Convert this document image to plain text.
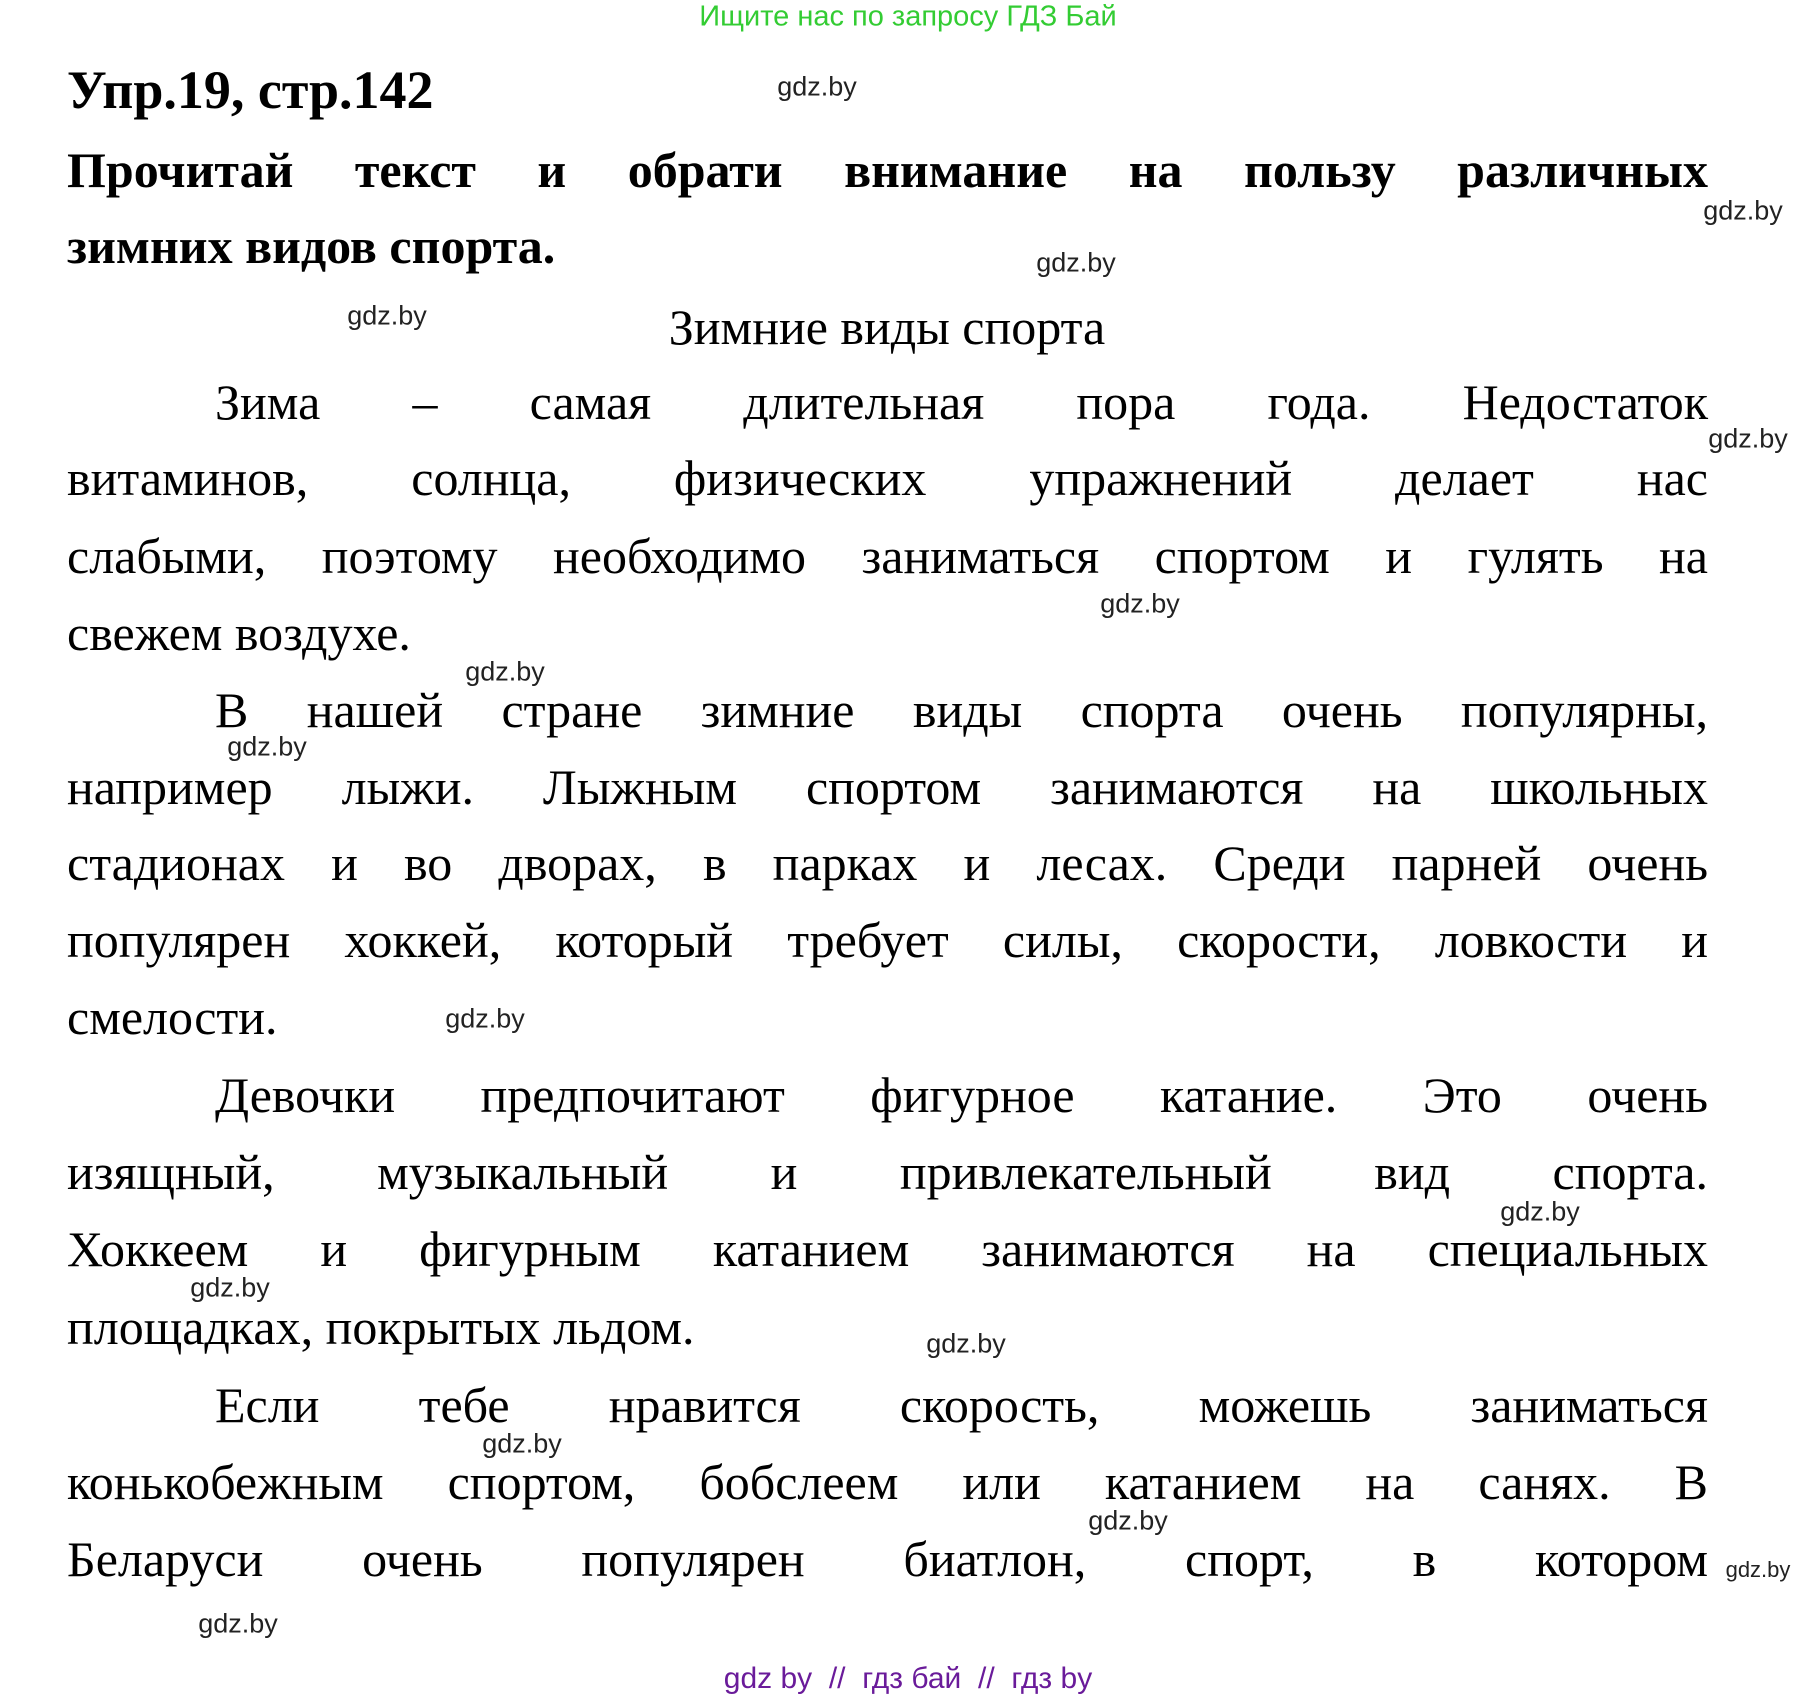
Ищите нас по запросу ГДЗ Бай
Упр.19, стр.142
Прочитай текст и обрати внимание на пользу различных
зимних видов спорта.
Зимние виды спорта
Зима – самая длительная пора года. Недостаток
витаминов, солнца, физических упражнений делает нас
слабыми, поэтому необходимо заниматься спортом и гулять на
свежем воздухе.
В нашей стране зимние виды спорта очень популярны,
например лыжи. Лыжным спортом занимаются на школьных
стадионах и во дворах, в парках и лесах. Среди парней очень
популярен хоккей, который требует силы, скорости, ловкости и
смелости.
Девочки предпочитают фигурное катание. Это очень
изящный, музыкальный и привлекательный вид спорта.
Хоккеем и фигурным катанием занимаются на специальных
площадках, покрытых льдом.
Если тебе нравится скорость, можешь заниматься
конькобежным спортом, бобслеем или катанием на санях. В
Беларуси очень популярен биатлон, спорт, в котором
gdz.by
gdz.by
gdz.by
gdz.by
gdz.by
gdz.by
gdz.by
gdz.by
gdz.by
gdz.by
gdz.by
gdz.by
gdz.by
gdz.by
gdz.by
gdz.by
gdz by  //  гдз бай  //  гдз by
